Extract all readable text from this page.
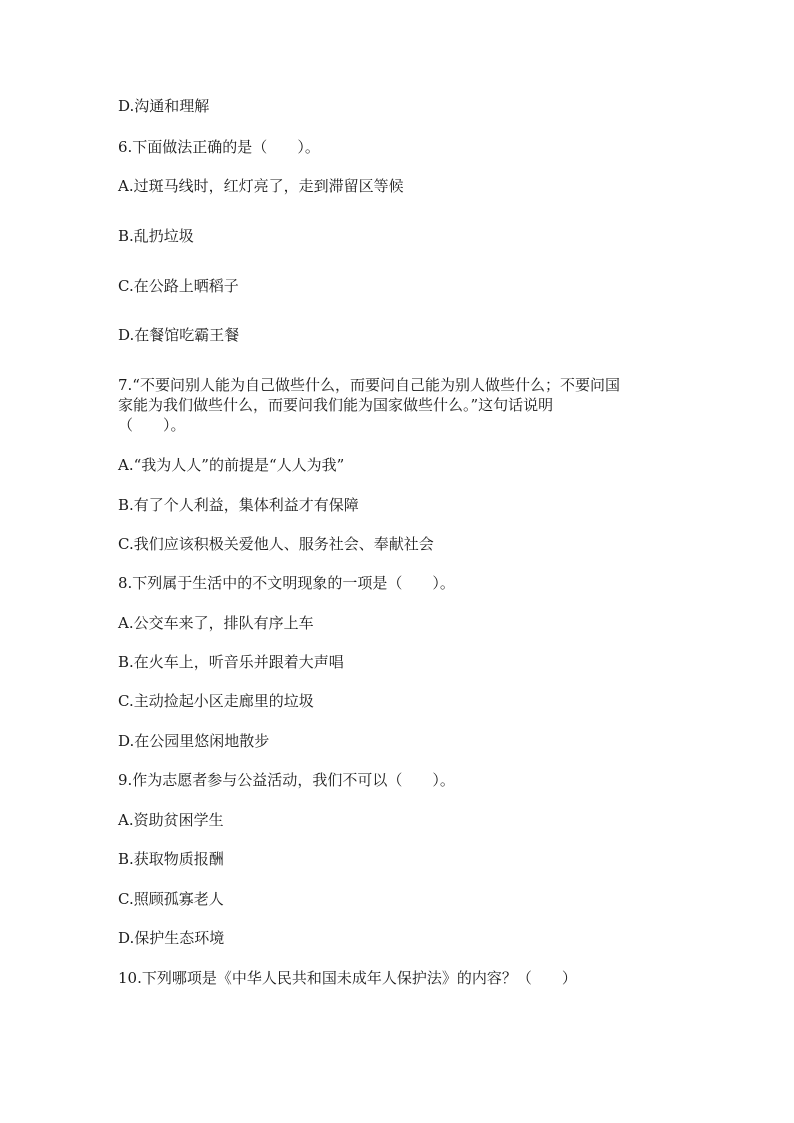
D.沟通和理解
6.下面做法正确的是（　　）。
A.过斑马线时，红灯亮了，走到滞留区等候
B.乱扔垃圾
C.在公路上晒稻子
D.在餐馆吃霸王餐
7.“不要问别人能为自己做些什么，而要问自己能为别人做些什么；不要问国
家能为我们做些什么，而要问我们能为国家做些什么。”这句话说明
（　　）。
A.“我为人人”的前提是“人人为我”
B.有了个人利益，集体利益才有保障
C.我们应该积极关爱他人、服务社会、奉献社会
8.下列属于生活中的不文明现象的一项是（　　）。
A.公交车来了，排队有序上车
B.在火车上，听音乐并跟着大声唱
C.主动捡起小区走廊里的垃圾
D.在公园里悠闲地散步
9.作为志愿者参与公益活动，我们不可以（　　）。
A.资助贫困学生
B.获取物质报酬
C.照顾孤寡老人
D.保护生态环境
10.下列哪项是《中华人民共和国未成年人保护法》的内容？（　　）
